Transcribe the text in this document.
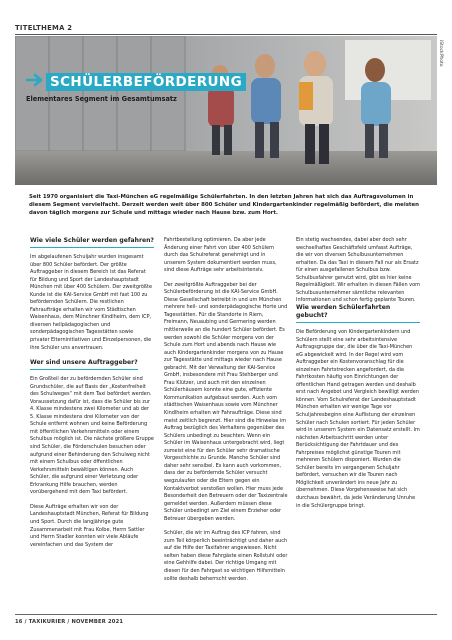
TITELTHEMA 2
iStockPhoto
SCHÜLERBEFÖRDERUNG
Elementares Segment im Gesamtumsatz
Seit 1970 organisiert die Taxi-München eG regelmäßige Schülerfahrten. In den letzten Jahren hat sich das Auftragsvolumen in diesem Segment vervielfacht. Derzeit werden weit über 800 Schüler und Kindergartenkinder regelmäßig befördert, die meisten davon täglich morgens zur Schule und mittags wieder nach Hause bzw. zum Hort.
Wie viele Schüler werden gefahren?

Im abgelaufenen Schuljahr wurden insgesamt über 800 Schüler befördert. Der größte Auftraggeber in diesem Bereich ist das Referat für Bildung und Sport der Landeshauptstadt München mit über 400 Schülern. Der zweitgrößte Kunde ist die KAI-Service GmbH mit fast 100 zu befördernden Schülern. Die restlichen Fahraufträge erhalten wir vom Städtischen Waisenhaus, dem Münchner Kindlheim, dem ICP, diversen heilpädagogischen und sonderpädagogischen Tagesstätten sowie privater Elterninitiativen und Einzelpersonen, die ihre Schüler uns anvertrauen.

Wer sind unsere Auftraggeber?

Ein Großteil der zu befördernden Schüler sind Grundschüler, die auf Basis der „Kostenfreiheit des Schulweges“ mit dem Taxi befördert werden. Voraussetzung dafür ist, dass die Schüler bis zur 4. Klasse mindestens zwei Kilometer und ab der 5. Klasse mindestens drei Kilometer von der Schule entfernt wohnen und keine Beförderung mit öffentlichen Verkehrsmitteln oder einem Schulbus möglich ist. Die nächste größere Gruppe sind Schüler, die Förderschulen besuchen oder aufgrund einer Behinderung den Schulweg nicht mit einem Schulbus oder öffentlichen Verkehrsmitteln bewältigen können. Auch Schüler, die aufgrund einer Verletzung oder Erkrankung Hilfe brauchen, werden vorübergehend mit dem Taxi befördert.

Diese Aufträge erhalten wir von der Landeshauptstadt München, Referat für Bildung und Sport. Durch die langjährige gute Zusammenarbeit mit Frau Kolbe, Herrn Sattler und Herrn Stadler konnten wir viele Abläufe vereinfachen und das System der

Fahrtbestellung optimieren. Da aber jede Änderung einer Fahrt von über 400 Schülern durch das Schulreferat genehmigt und in unserem System dokumentiert werden muss, sind diese Aufträge sehr arbeitsintensiv.

Der zweitgrößte Auftraggeber bei der Schülerbeförderung ist die KAI-Service GmbH. Diese Gesellschaft betreibt in und um München mehrere heil- und sonderpädagogische Horte und Tagesstätten. Für die Standorte in Riem, Freimann, Neuaubing und Germering werden mittlerweile an die hundert Schüler befördert. Es werden sowohl die Schüler morgens von der Schule zum Hort und abends nach Hause wie auch Kindergartenkinder morgens von zu Hause zur Tagesstätte und mittags wieder nach Hause gebracht. Mit der Verwaltung der KAI-Service GmbH, insbesondere mit Frau Stehberger und Frau Klützer, und auch mit den einzelnen Schülerhäusern konnte eine gute, effiziente Kommunikation aufgebaut werden. Auch vom städtischen Waisenhaus sowie vom Münchner Kindlheim erhalten wir Fahraufträge. Diese sind meist zeitlich begrenzt. Hier sind die Hinweise im Auftrag bezüglich des Verhaltens gegenüber des Schülers unbedingt zu beachten. Wenn ein Schüler im Waisenhaus untergebracht wird, liegt zumeist eine für den Schüler sehr dramatische Vorgeschichte zu Grunde. Manche Schüler sind daher sehr sensibel. Es kann auch vorkommen, dass der zu befördernde Schüler versucht wegzulaufen oder die Eltern gegen ein Kontaktverbot verstoßen wollen. Hier muss jede Besonderheit den Betreuern oder der Taxizentrale gemeldet werden. Außerdem müssen diese Schüler unbedingt am Ziel einem Erzieher oder Betreuer übergeben werden.

Schüler, die wir im Auftrag des ICP fahren, sind zum Teil körperlich beeinträchtigt und daher auch auf die Hilfe der Taxifahrer angewiesen. Nicht selten haben diese Fahrgäste einen Rollstuhl oder eine Gehhilfe dabei. Der richtige Umgang mit diesen für den Fahrgast so wichtigen Hilfsmitteln sollte deshalb beherrscht werden.

Wie werden Schülerfahrten gebucht?

Die Beförderung von Kindergartenkindern und Schülern stellt eine sehr arbeitsintensive Auftragsgruppe dar, die über die Taxi-München eG abgewickelt wird. In der Regel wird vom Auftraggeber ein Kostenvoranschlag für die einzelnen Fahrtstrecken angefordert, da die Fahrtkosten häufig von Einrichtungen der öffentlichen Hand getragen werden und deshalb erst nach Angebot und Vergleich bewilligt werden können. Vom Schulreferat der Landeshauptstadt München erhalten wir wenige Tage vor Schuljahresbeginn eine Auflistung der einzelnen Schüler nach Schulen sortiert. Für jeden Schüler wird in unserem System ein Datensatz erstellt. Im nächsten Arbeitsschritt werden unter Berücksichtigung der Fahrtdauer und des Fahrpreises möglichst günstige Touren mit mehreren Schülern disponiert. Wurden die Schüler bereits im vergangenen Schuljahr befördert, versuchen wir die Touren nach Möglichkeit unverändert ins neue Jahr zu übernehmen. Diese Vorgehensweise hat sich durchaus bewährt, da jede Veränderung Unruhe in die Schülergruppe bringt.

Ein stetig wachsendes, dabei aber doch sehr wechselhaftes Geschäftsfeld umfasst Aufträge, die wir von diversen Schulbusunternehmen erhalten. Da das Taxi in diesem Fall nur als Ersatz für einen ausgefallenen Schulbus bzw. Schulbusfahrer genutzt wird, gibt es hier keine Regelmäßigkeit. Wir erhalten in diesen Fällen vom Schulbusunternehmer sämtliche relevanten Informationen und schon fertig geplante Touren.

16 / TAXIKURIER / NOVEMBER 2021
